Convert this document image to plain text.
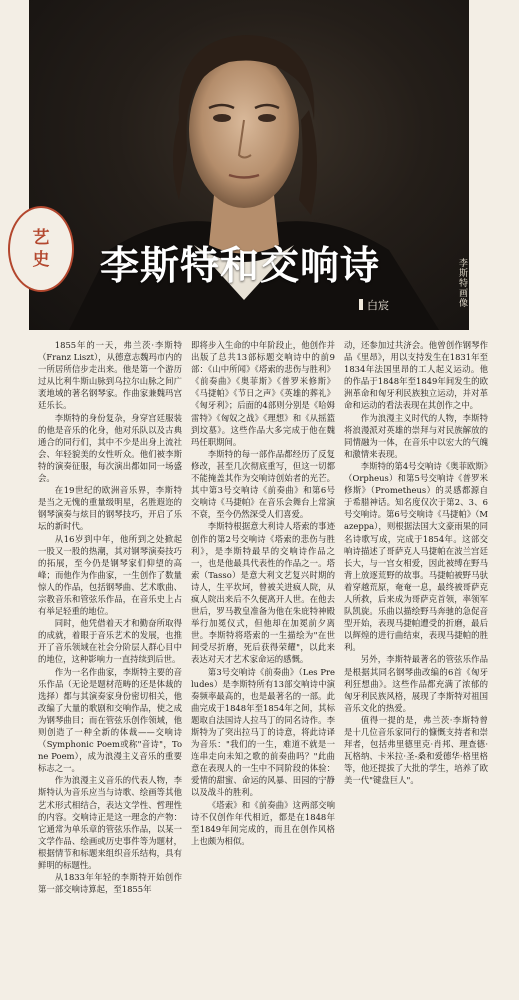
李斯特画像
艺
史 李斯特和交响诗
白宸

1855年的一天，弗兰茨·李斯特（Franz Liszt），从德意志魏玛市内的一所居所信步走出来。他是第一个游历过从比利牛斯山脉到乌拉尔山脉之间广袤地域的著名钢琴家。作曲家兼魏玛宫廷乐长。

李斯特的身份复杂，身穿宫廷服装的他是音乐的化身，他对乐队以及古典通合的同行们，其中不少是出身上流社会、年轻貌美的女性听众。他们被李斯特的演奏征服，每次演出都如同一场盛会。

在19世纪的欧洲音乐界，李斯特是当之无愧的重量级明星，名胜遐迩的钢琴演奏与炫目的钢琴技巧，开启了乐坛的新时代。

从16岁到中年，他所到之处掀起一股又一股的热潮，其对钢琴演奏技巧的拓展，至今仍是钢琴家们仰望的高峰；而他作为作曲家，一生创作了数量惊人的作品，包括钢琴曲、艺术歌曲、宗教音乐和管弦乐作品，在音乐史上占有举足轻重的地位。

同时，他凭借着天才和勤奋所取得的成就，着眼于音乐艺术的发展，也推开了音乐领域在社会分阶层人群心目中的地位，这种影响力一直持续到后世。

作为一名作曲家，李斯特主要的音乐作品（无论是题材范畴的还是体裁的选择）都与其演奏家身份密切相关，他改编了大量的歌剧和交响作品，使之成为钢琴曲目；而在管弦乐创作领域，他则创造了一种全新的体裁——交响诗（Symphonic Poem或称"音诗"，Tone Poem），成为浪漫主义音乐的重要标志之一。

作为浪漫主义音乐的代表人物，李斯特认为音乐应当与诗歌、绘画等其他艺术形式相结合，表达文学性、哲理性的内容。交响诗正是这一理念的产物：它通常为单乐章的管弦乐作品，以某一文学作品、绘画或历史事件等为题材，根据情节和标题来组织音乐结构，具有鲜明的标题性。

从1833年年轻的李斯特开始创作第一部交响诗算起，至1855年

即将步入生命的中年阶段止，他创作并出版了总共13部标题交响诗中的前9部：《山中所闻》《塔索的悲伤与胜利》《前奏曲》《奥菲斯》《普罗米修斯》《马捷帕》《节日之声》《英雄的葬礼》《匈牙利》；后面的4部则分别是《哈姆雷特》《匈奴之战》《理想》和《从摇篮到坟墓》。这些作品大多完成于他在魏玛任职期间。

李斯特的每一部作品都经历了反复修改，甚至几次彻底重写，但这一切都不能掩盖其作为交响诗创始者的光芒。其中第3号交响诗《前奏曲》和第6号交响诗《马捷帕》在音乐会舞台上常演不衰，至今仍然深受人们喜爱。

李斯特根据意大利诗人塔索的事迹创作的第2号交响诗《塔索的悲伤与胜利》，是李斯特最早的交响诗作品之一，也是他最具代表性的作品之一。塔索（Tasso）是意大利文艺复兴时期的诗人，生平坎坷，曾被关进疯人院，从疯人院出来后不久便离开人世。在他去世后，罗马教皇准备为他在朱庇特神殿举行加冕仪式，但他却在加冕前夕离世。李斯特将塔索的一生描绘为"在世间受尽折磨，死后获得荣耀"，以此来表达对天才艺术家命运的感慨。

第3号交响诗《前奏曲》（Les Preludes）是李斯特所有13部交响诗中演奏频率最高的，也是最著名的一部。此曲完成于1848年至1854年之间，其标题取自法国诗人拉马丁的同名诗作。李斯特为了突出拉马丁的诗意，将此诗译为音乐："我们的一生，难道不就是一连串走向未知之歌的前奏曲吗？"此曲意在表现人的一生中不同阶段的体验：爱情的甜蜜、命运的风暴、田园的宁静以及战斗的胜利。

《塔索》和《前奏曲》这两部交响诗不仅创作年代相近，都是在1848年至1849年间完成的，而且在创作风格上也颇为相似。

动，还参加过共济会。他曾创作钢琴作品《里昂》，用以支持发生在1831年至1834年法国里昂的工人起义运动。他的作品于1848年至1849年间发生的欧洲革命和匈牙利民族独立运动，并对革命和运动的看法表现在其创作之中。

作为浪漫主义时代的人物，李斯特将浪漫派对英雄的崇拜与对民族解放的同情融为一体，在音乐中以宏大的气魄和激情来表现。

李斯特的第4号交响诗《奥菲欧斯》（Orpheus）和第5号交响诗《普罗米修斯》（Prometheus）的灵感都源自于希腊神话。知名度仅次于第2、3、6号交响诗。第6号交响诗《马捷帕》（Mazeppa），则根据法国大文豪雨果的同名诗歌写成，完成于1854年。这部交响诗描述了哥萨克人马捷帕在波兰宫廷长大，与一宫女相爱，因此被缚在野马背上放逐荒野的故事。马捷帕被野马驮着穿越荒原，奄奄一息，最终被哥萨克人所救，后来成为哥萨克首领，率领军队凯旋。乐曲以描绘野马奔驰的急促音型开始，表现马捷帕遭受的折磨，最后以辉煌的进行曲结束，表现马捷帕的胜利。

另外，李斯特最著名的管弦乐作品是根据其同名钢琴曲改编的6首《匈牙利狂想曲》。这些作品都充满了浓郁的匈牙利民族风格，展现了李斯特对祖国音乐文化的热爱。

值得一提的是，弗兰茨·李斯特曾是十几位音乐家同行的慷慨支持者和崇拜者，包括弗里德里克·肖邦、理查德·瓦格纳、卡米拉·圣-桑和爱德华·格里格等，他还提拔了大批的学生，培养了欧美一代"键盘巨人"。
